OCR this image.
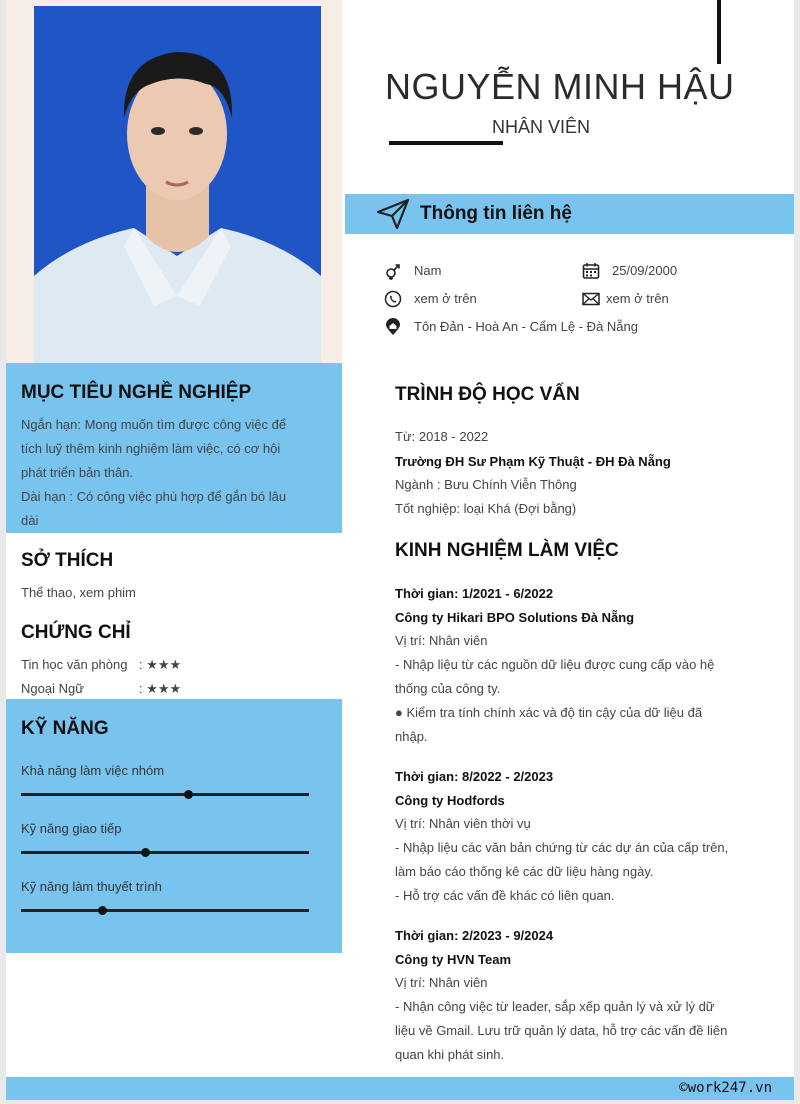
NGUYỄN MINH HẬU
NHÂN VIÊN
Thông tin liên hệ
Nam	25/09/2000
xem ở trên	xem ở trên
Tôn Đản - Hoà An - Cẩm Lệ - Đà Nẵng
MỤC TIÊU NGHỀ NGHIỆP
Ngắn hạn: Mong muốn tìm được công việc để
tích luỹ thêm kinh nghiệm làm việc, có cơ hội
phát triển bản thân.
Dài hạn : Có công việc phù hợp để gắn bó lâu
dài
SỞ THÍCH
Thể thao, xem phim
CHỨNG CHỈ
Tin học văn phòng : ★★★
Ngoại Ngữ	: ★★★
KỸ NĂNG
Khả năng làm việc nhóm
Kỹ năng giao tiếp
Kỹ năng làm thuyết trình
TRÌNH ĐỘ HỌC VẤN
Từ: 2018 - 2022
Trường ĐH Sư Phạm Kỹ Thuật - ĐH Đà Nẵng
Ngành : Bưu Chính Viễn Thông
Tốt nghiệp: loại Khá (Đợi bằng)
KINH NGHIỆM LÀM VIỆC
Thời gian: 1/2021 - 6/2022
Công ty Hikari BPO Solutions Đà Nẵng
Vị trí: Nhân viên
- Nhập liệu từ các nguồn dữ liệu được cung cấp vào hệ
thống của công ty.
● Kiểm tra tính chính xác và độ tin cậy của dữ liệu đã
nhập.
Thời gian: 8/2022 - 2/2023
Công ty Hodfords
Vị trí: Nhân viên thời vụ
- Nhập liệu các văn bản chứng từ các dự án của cấp trên,
làm báo cáo thống kê các dữ liệu hàng ngày.
- Hỗ trợ các vấn đề khác có liên quan.
Thời gian: 2/2023 - 9/2024
Công ty HVN Team
Vị trí: Nhân viên
- Nhận công việc từ leader, sắp xếp quản lý và xử lý dữ
liệu về Gmail. Lưu trữ quản lý data, hỗ trợ các vấn đề liên
quan khi phát sinh.
©work247.vn
